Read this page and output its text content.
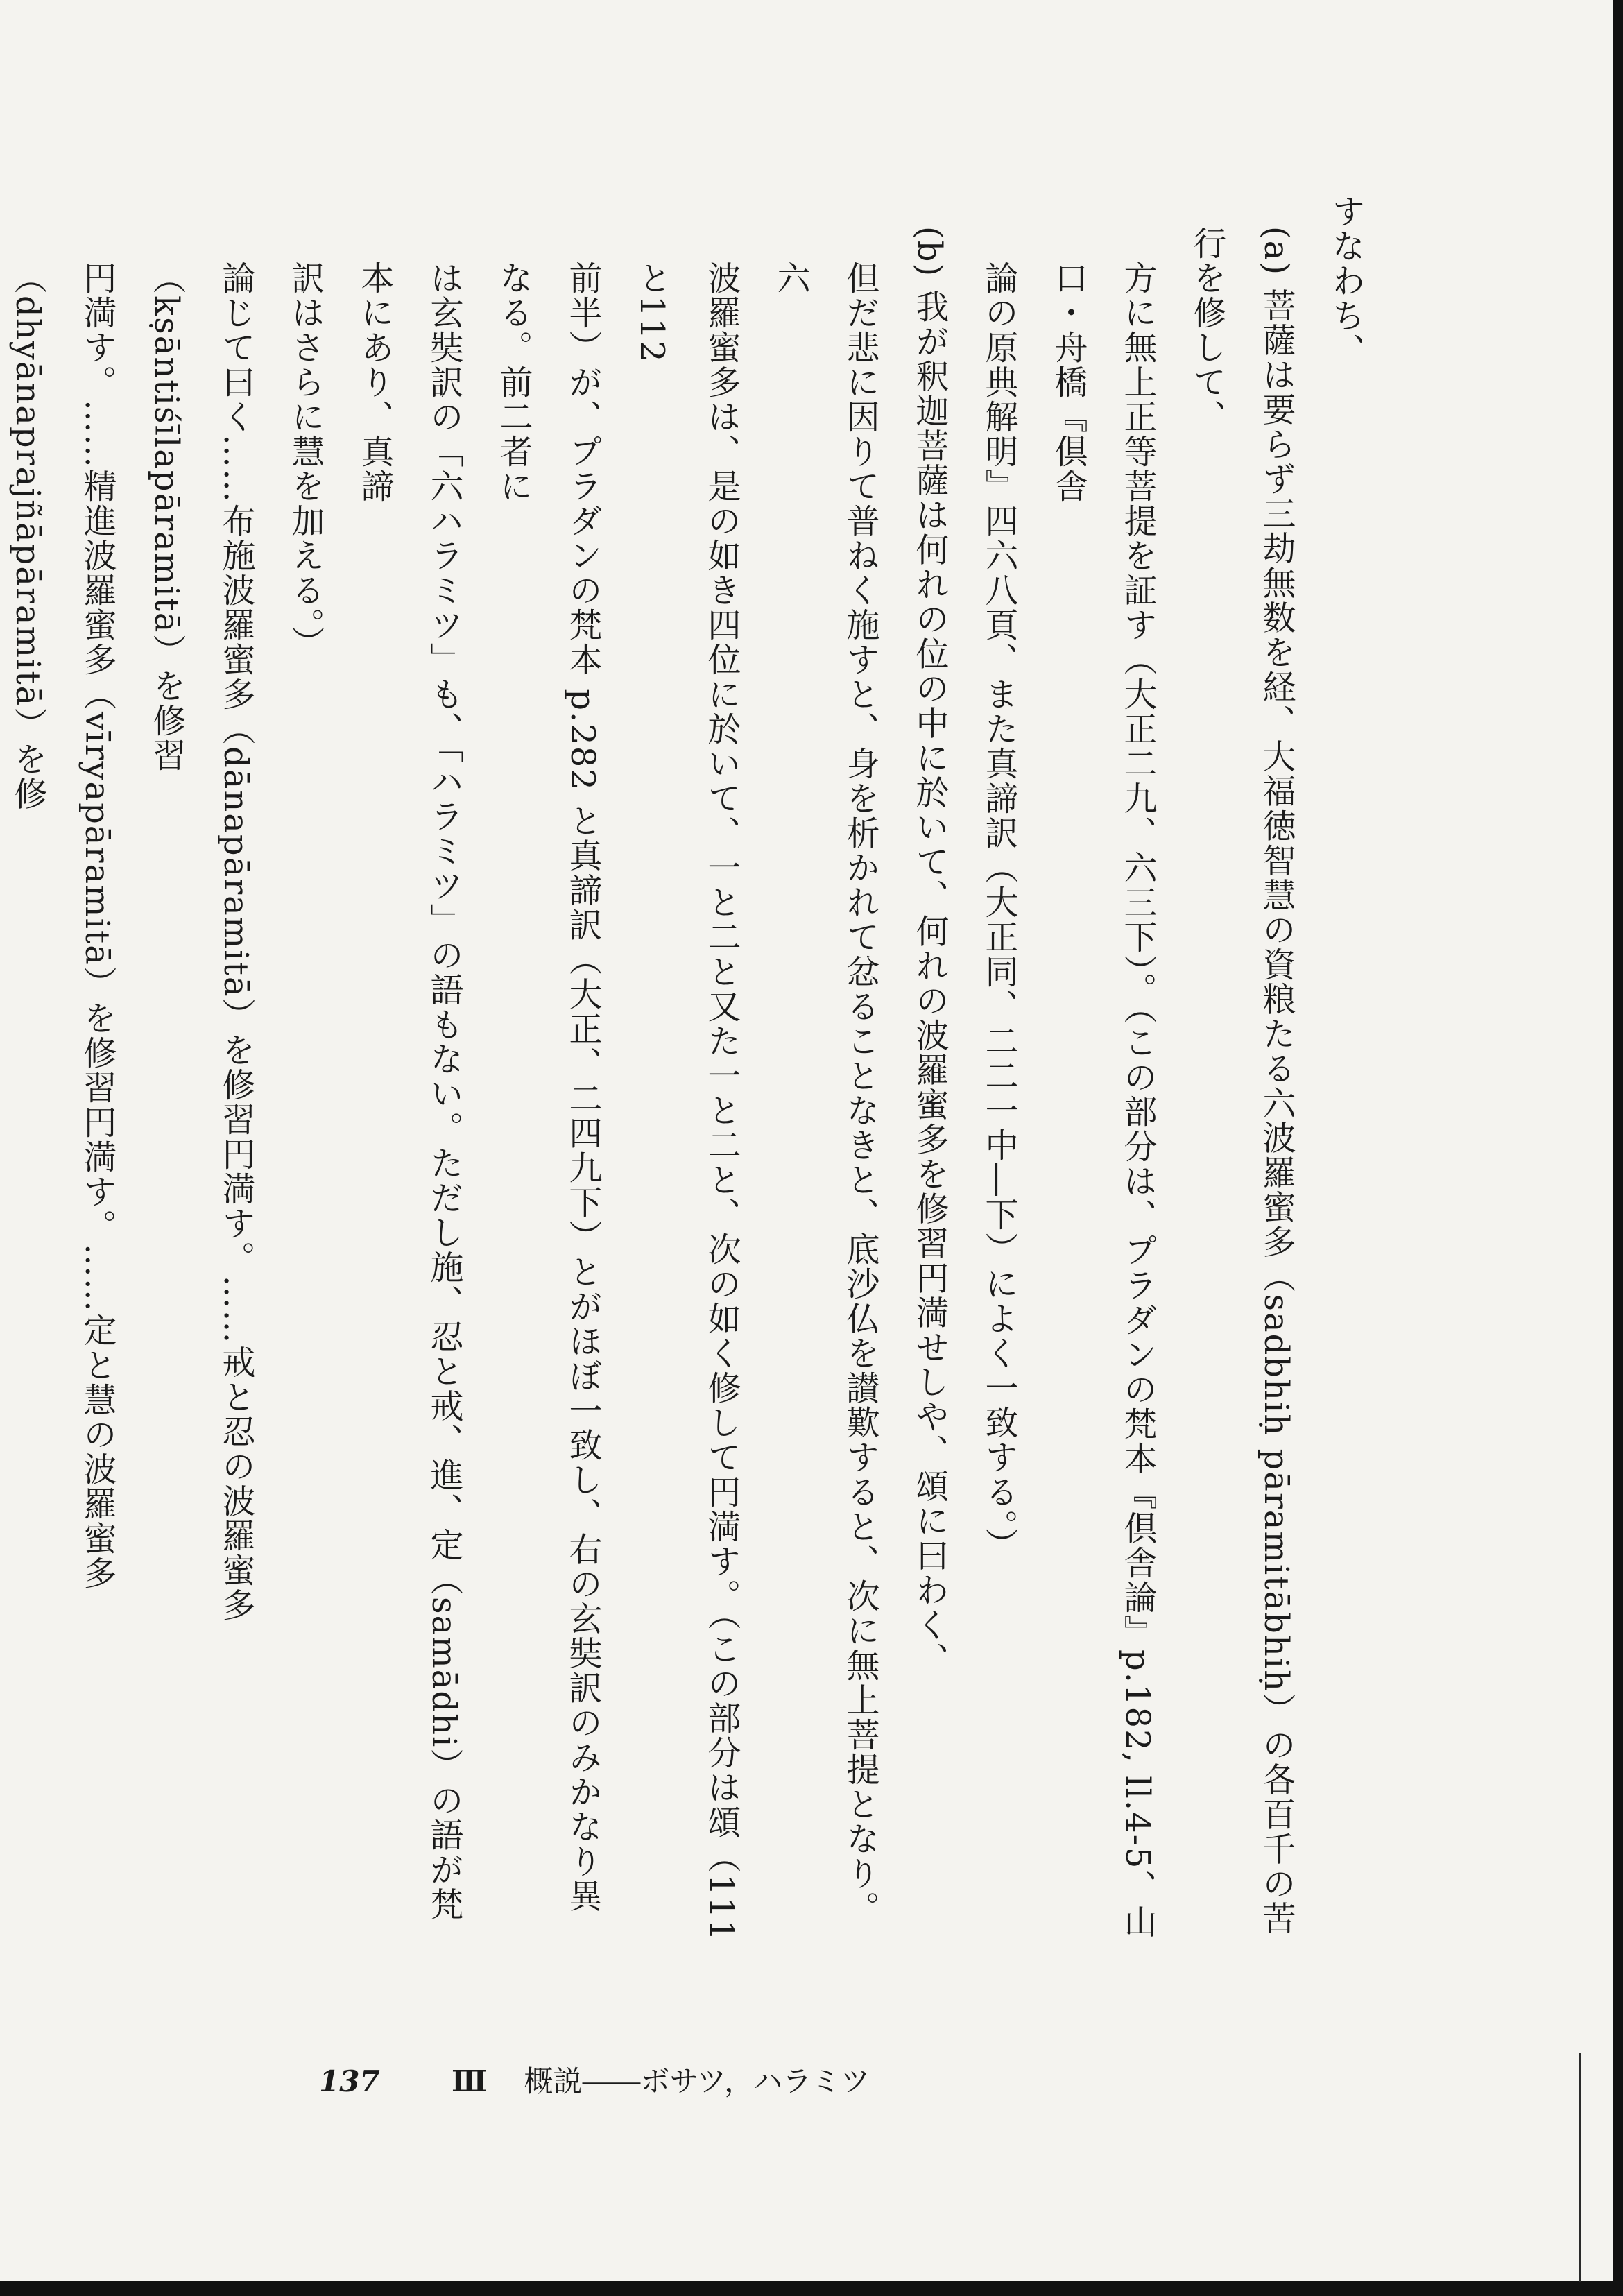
すなわち、

(a) 菩薩は要らず三劫無数を経、大福徳智慧の資粮たる六波羅蜜多（sadbhiḥ pāramitābhiḥ）の各百千の苦行を修して、

方に無上正等菩提を証す（大正二九、六三下）。（この部分は、プラダンの梵本『倶舎論』p.182, ll.4-5、山口・舟橋『倶舎

論の原典解明』四六八頁、また真諦訳（大正同、二二一中―下）によく一致する。）

(b) 我が釈迦菩薩は何れの位の中に於いて、何れの波羅蜜多を修習円満せしや、頌に曰わく、

但だ悲に因りて普ねく施すと、身を析かれて忿ることなきと、底沙仏を讃歎すると、次に無上菩提となり。六

波羅蜜多は、是の如き四位に於いて、一と二と又た一と二と、次の如く修して円満す。（この部分は頌（111と112

前半）が、プラダンの梵本 p.282 と真諦訳（大正、二四九下）とがほぼ一致し、右の玄奘訳のみかなり異なる。前二者に

は玄奘訳の「六ハラミツ」も、「ハラミツ」の語もない。ただし施、忍と戒、進、定（samādhi）の語が梵本にあり、真諦

訳はさらに慧を加える。）

論じて曰く……布施波羅蜜多（dānapāramitā）を修習円満す。……戒と忍の波羅蜜多（kṣāntiśīlapāramitā）を修習

円満す。……精進波羅蜜多（vīryapāramitā）を修習円満す。……定と慧の波羅蜜多（dhyānaprajñāpāramitā）を修

137 Ⅲ 概説――ボサツ，ハラミツ
